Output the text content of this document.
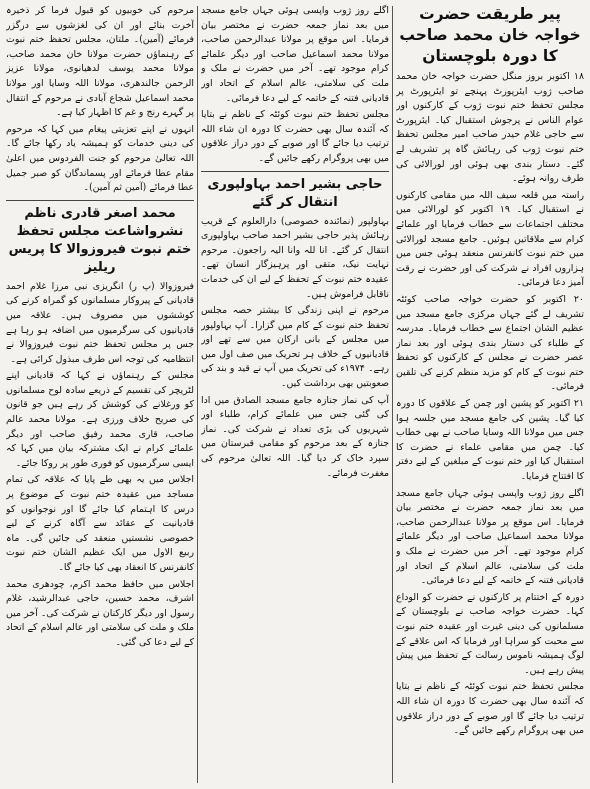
پیر طریقت حضرت خواجہ خان محمد صاحب کا دورہ بلوچستان

۱۸ اکتوبر بروز منگل حضرت خواجہ خان محمد صاحب ژوب ایئرپورٹ پہنچے تو ایئرپورٹ پر مجلس تحفظ ختم نبوت ژوب کے کارکنوں اور عوام الناس نے پرجوش استقبال کیا۔ ایئرپورٹ سے حاجی غلام حیدر صاحب امیر مجلس تحفظ ختم نبوت ژوب کی رہائش گاہ پر تشریف لے گئے۔ دستار بندی بھی ہوئی اور لورالائی کی طرف روانہ ہوئے۔

راستہ میں قلعہ سیف اللہ میں مقامی کارکنوں نے استقبال کیا۔ ۱۹ اکتوبر کو لورالائی میں مختلف اجتماعات سے خطاب فرمایا اور علمائے کرام سے ملاقاتیں ہوئیں۔ جامع مسجد لورالائی میں ختم نبوت کانفرنس منعقد ہوئی جس میں ہزاروں افراد نے شرکت کی اور حضرت نے رقت آمیز دعا فرمائی۔

۲۰ اکتوبر کو حضرت خواجہ صاحب کوئٹہ تشریف لے گئے جہاں مرکزی جامع مسجد میں عظیم الشان اجتماع سے خطاب فرمایا۔ مدرسہ کے طلباء کی دستار بندی ہوئی اور بعد نماز عصر حضرت نے مجلس کے کارکنوں کو تحفظ ختم نبوت کے کام کو مزید منظم کرنے کی تلقین فرمائی۔

۲۱ اکتوبر کو پشین اور چمن کے علاقوں کا دورہ کیا گیا۔ پشین کی جامع مسجد میں جلسہ ہوا جس میں مولانا اللہ وسایا صاحب نے بھی خطاب کیا۔ چمن میں مقامی علماء نے حضرت کا استقبال کیا اور ختم نبوت کے مبلغین کے لیے دفتر کا افتتاح فرمایا۔

اگلے روز ژوب واپسی ہوئی جہاں جامع مسجد میں بعد نماز جمعہ حضرت نے مختصر بیان فرمایا۔ اس موقع پر مولانا عبدالرحمن صاحب، مولانا محمد اسماعیل صاحب اور دیگر علمائے کرام موجود تھے۔ آخر میں حضرت نے ملک و ملت کی سلامتی، عالم اسلام کے اتحاد اور قادیانی فتنہ کے خاتمہ کے لیے دعا فرمائی۔

دورہ کے اختتام پر کارکنوں نے حضرت کو الوداع کہا۔ حضرت خواجہ صاحب نے بلوچستان کے مسلمانوں کی دینی غیرت اور عقیدہ ختم نبوت سے محبت کو سراہا اور فرمایا کہ اس علاقے کے لوگ ہمیشہ ناموس رسالت کے تحفظ میں پیش پیش رہے ہیں۔

مجلس تحفظ ختم نبوت کوئٹہ کے ناظم نے بتایا کہ آئندہ سال بھی حضرت کا دورہ ان شاء اللہ ترتیب دیا جائے گا اور صوبے کے دور دراز علاقوں میں بھی پروگرام رکھے جائیں گے۔

اگلے روز ژوب واپسی ہوئی جہاں جامع مسجد میں بعد نماز جمعہ حضرت نے مختصر بیان فرمایا۔ اس موقع پر مولانا عبدالرحمن صاحب، مولانا محمد اسماعیل صاحب اور دیگر علمائے کرام موجود تھے۔ آخر میں حضرت نے ملک و ملت کی سلامتی، عالم اسلام کے اتحاد اور قادیانی فتنہ کے خاتمہ کے لیے دعا فرمائی۔

مجلس تحفظ ختم نبوت کوئٹہ کے ناظم نے بتایا کہ آئندہ سال بھی حضرت کا دورہ ان شاء اللہ ترتیب دیا جائے گا اور صوبے کے دور دراز علاقوں میں بھی پروگرام رکھے جائیں گے۔

حاجی بشیر احمد بہاولپوری انتقال کر گئے

بہاولپور (نمائندہ خصوصی) دارالعلوم کے قریب رہائش پذیر حاجی بشیر احمد صاحب بہاولپوری انتقال کر گئے۔ انا للہ وانا الیہ راجعون۔ مرحوم نہایت نیک، متقی اور پرہیزگار انسان تھے۔ عقیدہ ختم نبوت کے تحفظ کے لیے ان کی خدمات ناقابل فراموش ہیں۔

مرحوم نے اپنی زندگی کا بیشتر حصہ مجلس تحفظ ختم نبوت کے کام میں گزارا۔ آپ بہاولپور میں مجلس کے بانی ارکان میں سے تھے اور قادیانیوں کے خلاف ہر تحریک میں صف اول میں رہے۔ ۱۹۷۴ء کی تحریک میں آپ نے قید و بند کی صعوبتیں بھی برداشت کیں۔

آپ کی نماز جنازہ جامع مسجد الصادق میں ادا کی گئی جس میں علمائے کرام، طلباء اور شہریوں کی بڑی تعداد نے شرکت کی۔ نماز جنازہ کے بعد مرحوم کو مقامی قبرستان میں سپرد خاک کر دیا گیا۔ اللہ تعالیٰ مرحوم کی مغفرت فرمائے۔

مرحوم کی خوبیوں کو قبول فرما کر ذخیرہ آخرت بنائے اور ان کی لغزشوں سے درگزر فرمائے (آمین)۔ ملتان، مجلس تحفظ ختم نبوت کے رہنماؤں حضرت مولانا خان محمد صاحب، مولانا محمد یوسف لدھیانوی، مولانا عزیز الرحمن جالندھری، مولانا اللہ وسایا اور مولانا محمد اسماعیل شجاع آبادی نے مرحوم کے انتقال پر گہرے رنج و غم کا اظہار کیا ہے۔

انہوں نے اپنے تعزیتی پیغام میں کہا کہ مرحوم کی دینی خدمات کو ہمیشہ یاد رکھا جائے گا۔ اللہ تعالیٰ مرحوم کو جنت الفردوس میں اعلیٰ مقام عطا فرمائے اور پسماندگان کو صبر جمیل عطا فرمائے (آمین ثم آمین)۔

محمد اصغر قادری ناظم نشرواشاعت مجلس تحفظ ختم نبوت فیروزوالا کا پریس ریلیز

فیروزوالا (پ ر) انگریزی نبی مرزا غلام احمد قادیانی کے پیروکار مسلمانوں کو گمراہ کرنے کی کوششوں میں مصروف ہیں۔ علاقہ میں قادیانیوں کی سرگرمیوں میں اضافہ ہو رہا ہے جس پر مجلس تحفظ ختم نبوت فیروزوالا نے انتظامیہ کی توجہ اس طرف مبذول کرائی ہے۔

مجلس کے رہنماؤں نے کہا کہ قادیانی اپنے لٹریچر کی تقسیم کے ذریعے سادہ لوح مسلمانوں کو ورغلانے کی کوشش کر رہے ہیں جو قانون کی صریح خلاف ورزی ہے۔ مولانا محمد عالم صاحب، قاری محمد رفیق صاحب اور دیگر علمائے کرام نے ایک مشترکہ بیان میں کہا کہ ایسی سرگرمیوں کو فوری طور پر روکا جائے۔

اجلاس میں یہ بھی طے پایا کہ علاقہ کی تمام مساجد میں عقیدہ ختم نبوت کے موضوع پر درس کا اہتمام کیا جائے گا اور نوجوانوں کو قادیانیت کے عقائد سے آگاہ کرنے کے لیے خصوصی نشستیں منعقد کی جائیں گی۔ ماہ ربیع الاول میں ایک عظیم الشان ختم نبوت کانفرنس کا انعقاد بھی کیا جائے گا۔

اجلاس میں حافظ محمد اکرم، چودھری محمد اشرف، محمد حسین، حاجی عبدالرشید، غلام رسول اور دیگر کارکنان نے شرکت کی۔ آخر میں ملک و ملت کی سلامتی اور عالم اسلام کے اتحاد کے لیے دعا کی گئی۔
